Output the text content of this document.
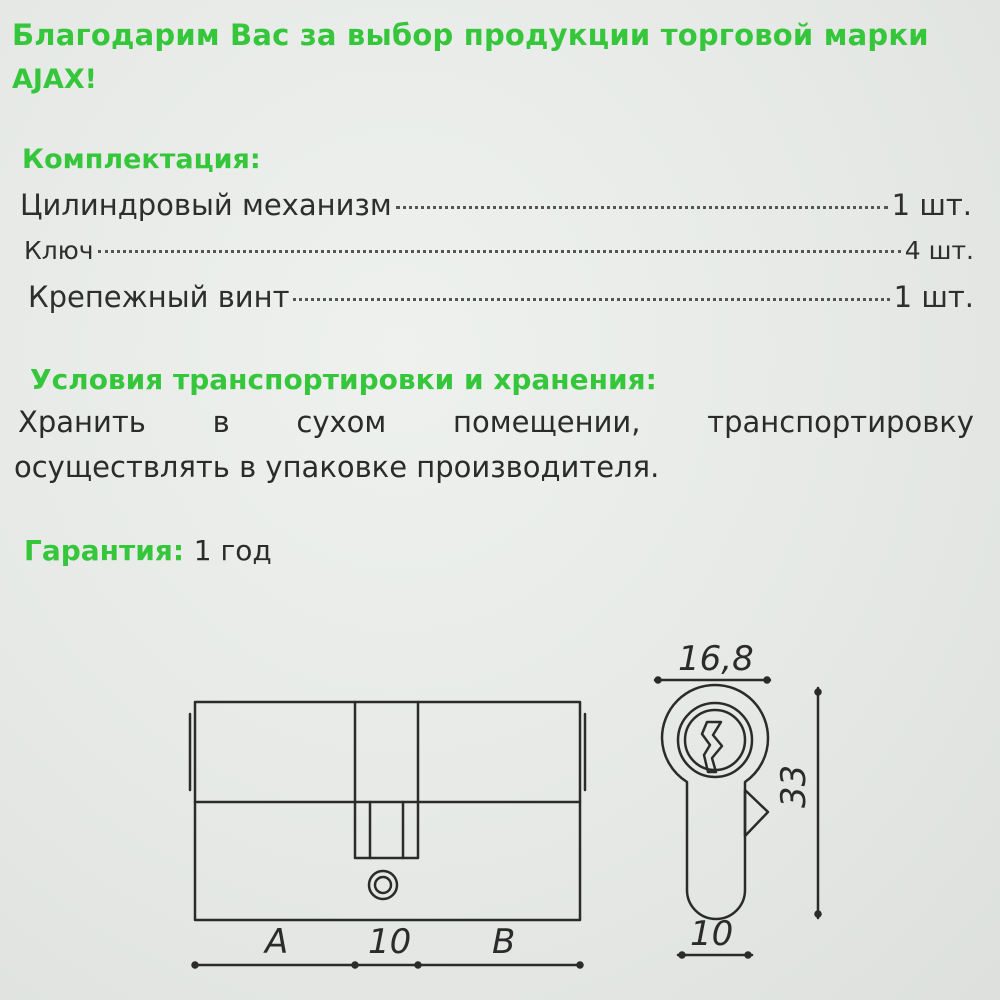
Благодарим Вас за выбор продукции торговой марки
AJAX!
Комплектация:
Цилиндровый механизм	1 шт.
Ключ	4 шт.
Крепежный винт	1 шт.
Условия транспортировки и хранения:
Хранить в сухом помещении, транспортировку
осуществлять в упаковке производителя.
Гарантия: 1 год
A 10 B
16,8
33
10
